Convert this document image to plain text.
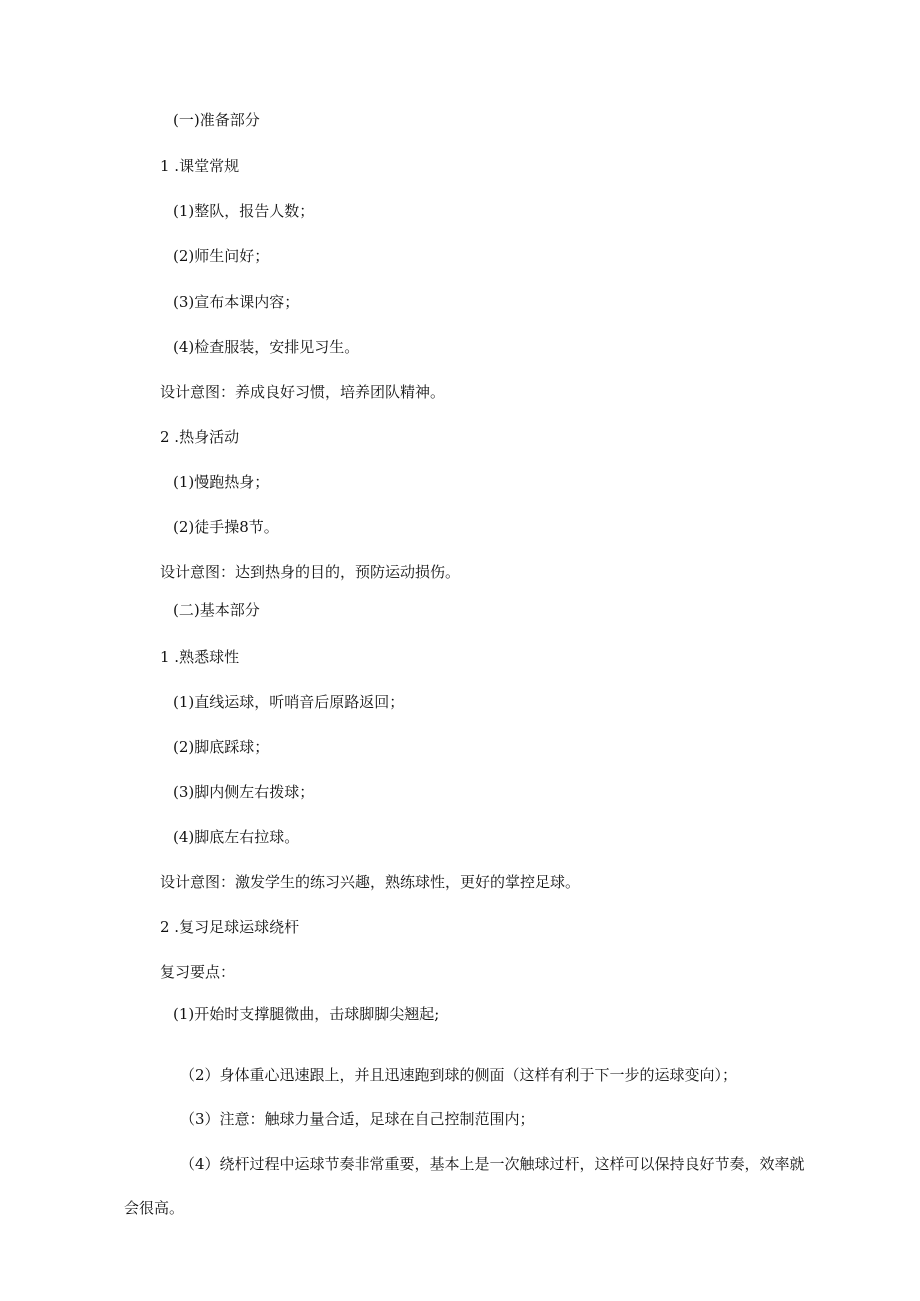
(一)准备部分
1 .课堂常规
(1)整队，报告人数；
(2)师生问好；
(3)宣布本课内容；
(4)检查服装，安排见习生。
设计意图：养成良好习惯，培养团队精神。
2 .热身活动
(1)慢跑热身；
(2)徒手操8节。
设计意图：达到热身的目的，预防运动损伤。
(二)基本部分
1 .熟悉球性
(1)直线运球，听哨音后原路返回；
(2)脚底踩球；
(3)脚内侧左右拨球；
(4)脚底左右拉球。
设计意图：激发学生的练习兴趣，熟练球性，更好的掌控足球。
2 .复习足球运球绕杆
复习要点：
(1)开始时支撑腿微曲，击球脚脚尖翘起;
（2）身体重心迅速跟上，并且迅速跑到球的侧面（这样有利于下一步的运球变向）；
（3）注意：触球力量合适，足球在自己控制范围内；
（4）绕杆过程中运球节奏非常重要，基本上是一次触球过杆，这样可以保持良好节奏，效率就
会很高。
